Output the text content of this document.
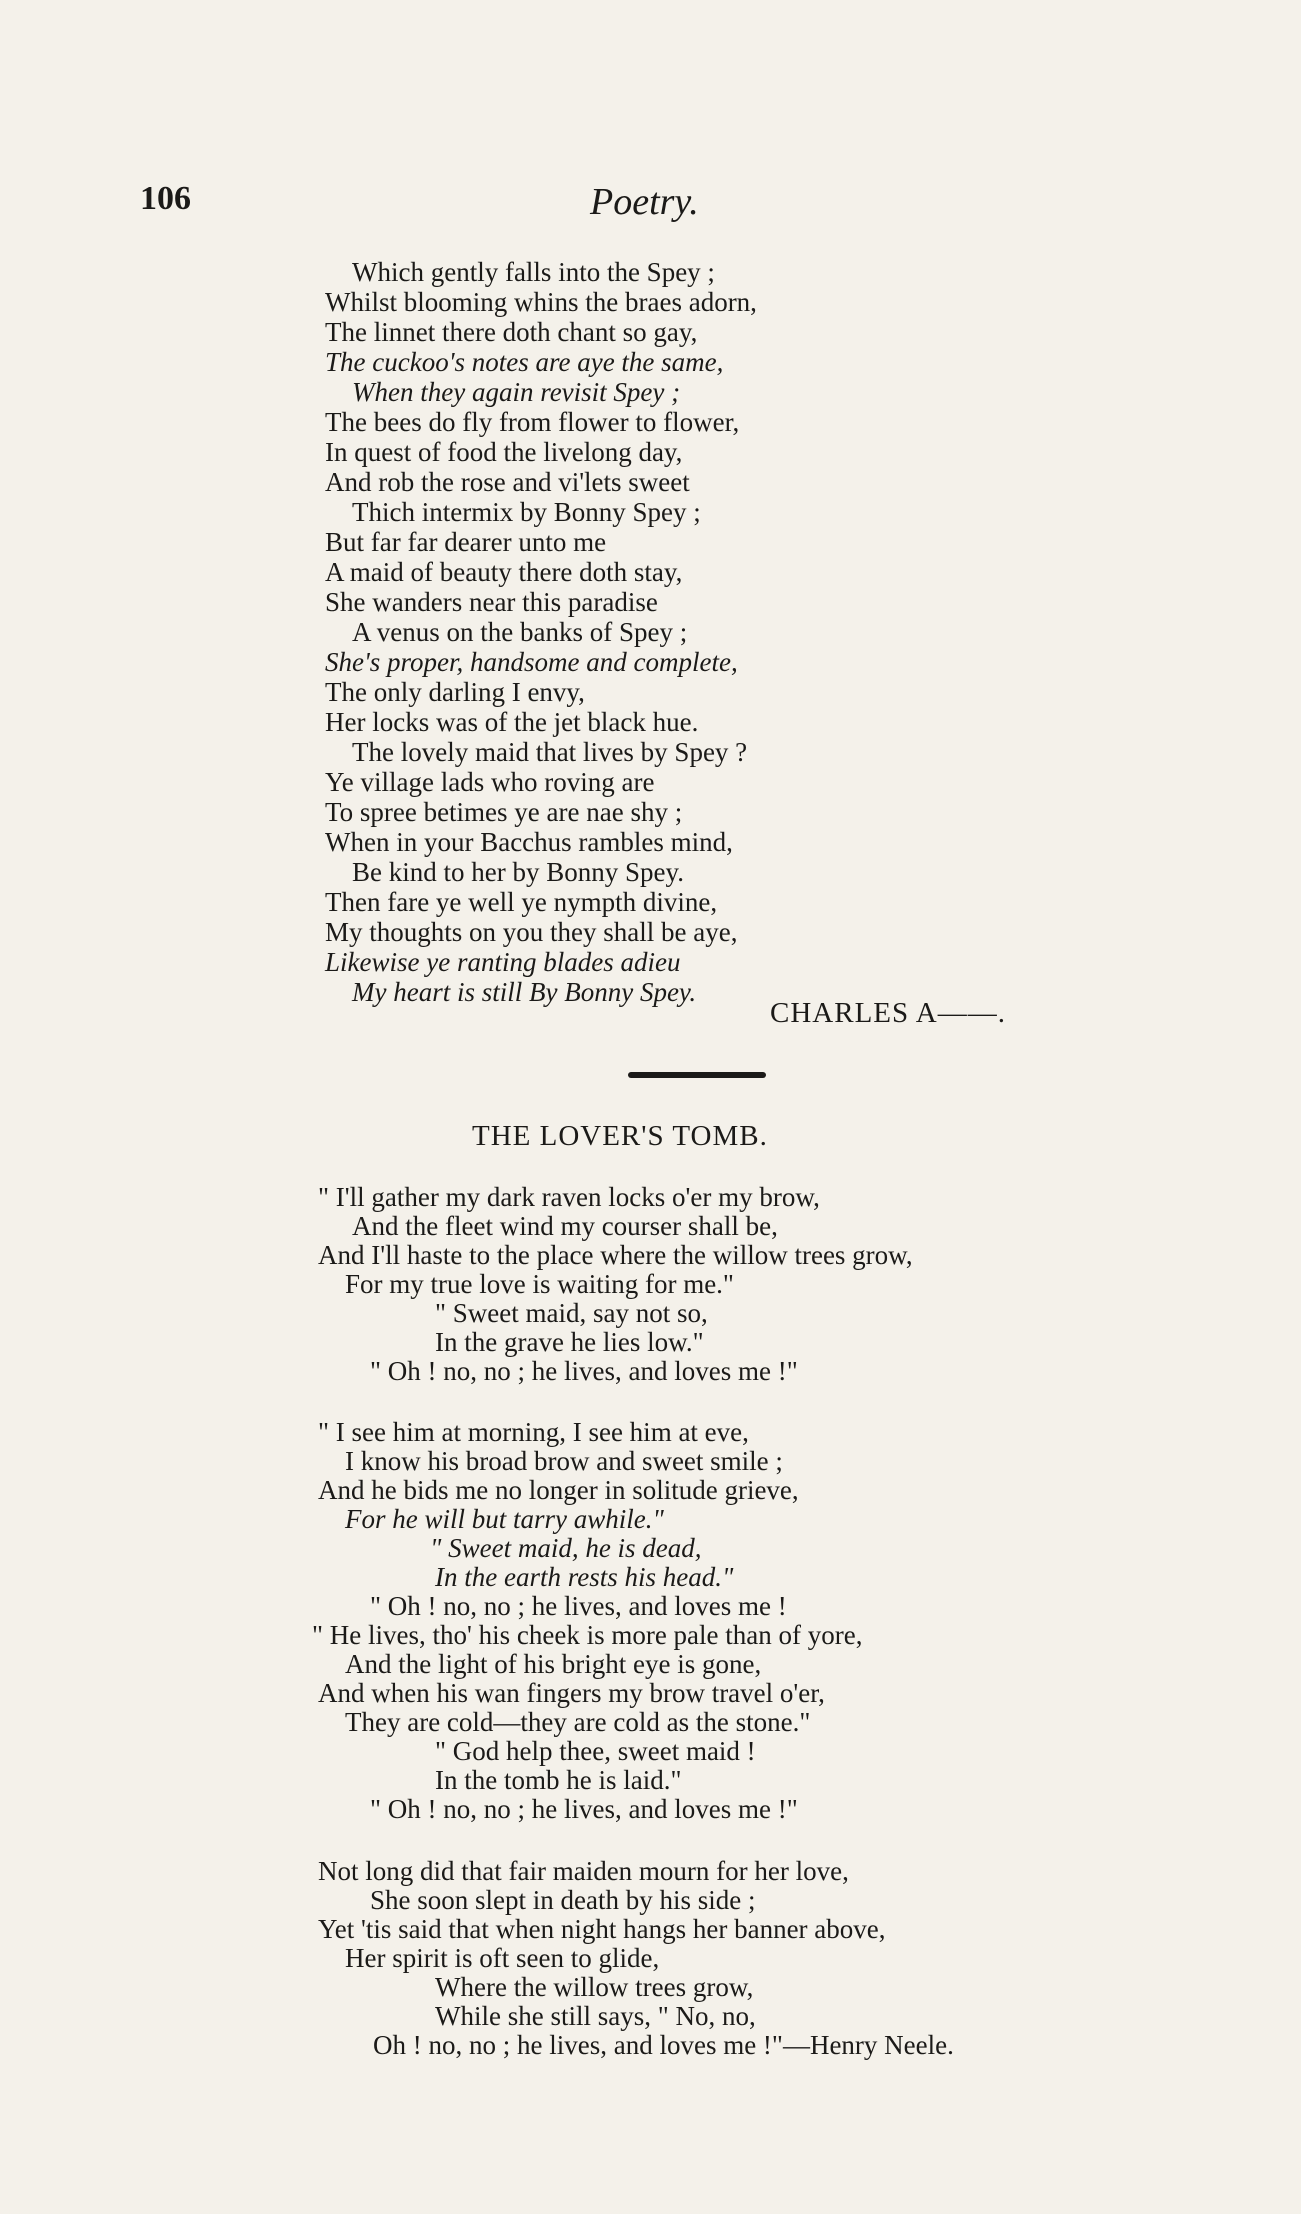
106	Poetry.
Which gently falls into the Spey ;
Whilst blooming whins the braes adorn,
The linnet there doth chant so gay,
The cuckoo's notes are aye the same,
When they again revisit Spey ;
The bees do fly from flower to flower,
In quest of food the livelong day,
And rob the rose and vi'lets sweet
Thich intermix by Bonny Spey ;
But far far dearer unto me
A maid of beauty there doth stay,
She wanders near this paradise
A venus on the banks of Spey ;
She's proper, handsome and complete,
The only darling I envy,
Her locks was of the jet black hue.
The lovely maid that lives by Spey ?
Ye village lads who roving are
To spree betimes ye are nae shy ;
When in your Bacchus rambles mind,
Be kind to her by Bonny Spey.
Then fare ye well ye nympth divine,
My thoughts on you they shall be aye,
Likewise ye ranting blades adieu
My heart is still By Bonny Spey.
CHARLES A——.
THE LOVER'S TOMB.
" I'll gather my dark raven locks o'er my brow,
And the fleet wind my courser shall be,
And I'll haste to the place where the willow trees grow,
For my true love is waiting for me."
" Sweet maid, say not so,
In the grave he lies low."
" Oh ! no, no ; he lives, and loves me !"
" I see him at morning, I see him at eve,
I know his broad brow and sweet smile ;
And he bids me no longer in solitude grieve,
For he will but tarry awhile."
" Sweet maid, he is dead,
In the earth rests his head."
" Oh ! no, no ; he lives, and loves me !
" He lives, tho' his cheek is more pale than of yore,
And the light of his bright eye is gone,
And when his wan fingers my brow travel o'er,
They are cold—they are cold as the stone."
" God help thee, sweet maid !
In the tomb he is laid."
" Oh ! no, no ; he lives, and loves me !"
Not long did that fair maiden mourn for her love,
She soon slept in death by his side ;
Yet 'tis said that when night hangs her banner above,
Her spirit is oft seen to glide,
Where the willow trees grow,
While she still says, " No, no,
Oh ! no, no ; he lives, and loves me !"—Henry Neele.
